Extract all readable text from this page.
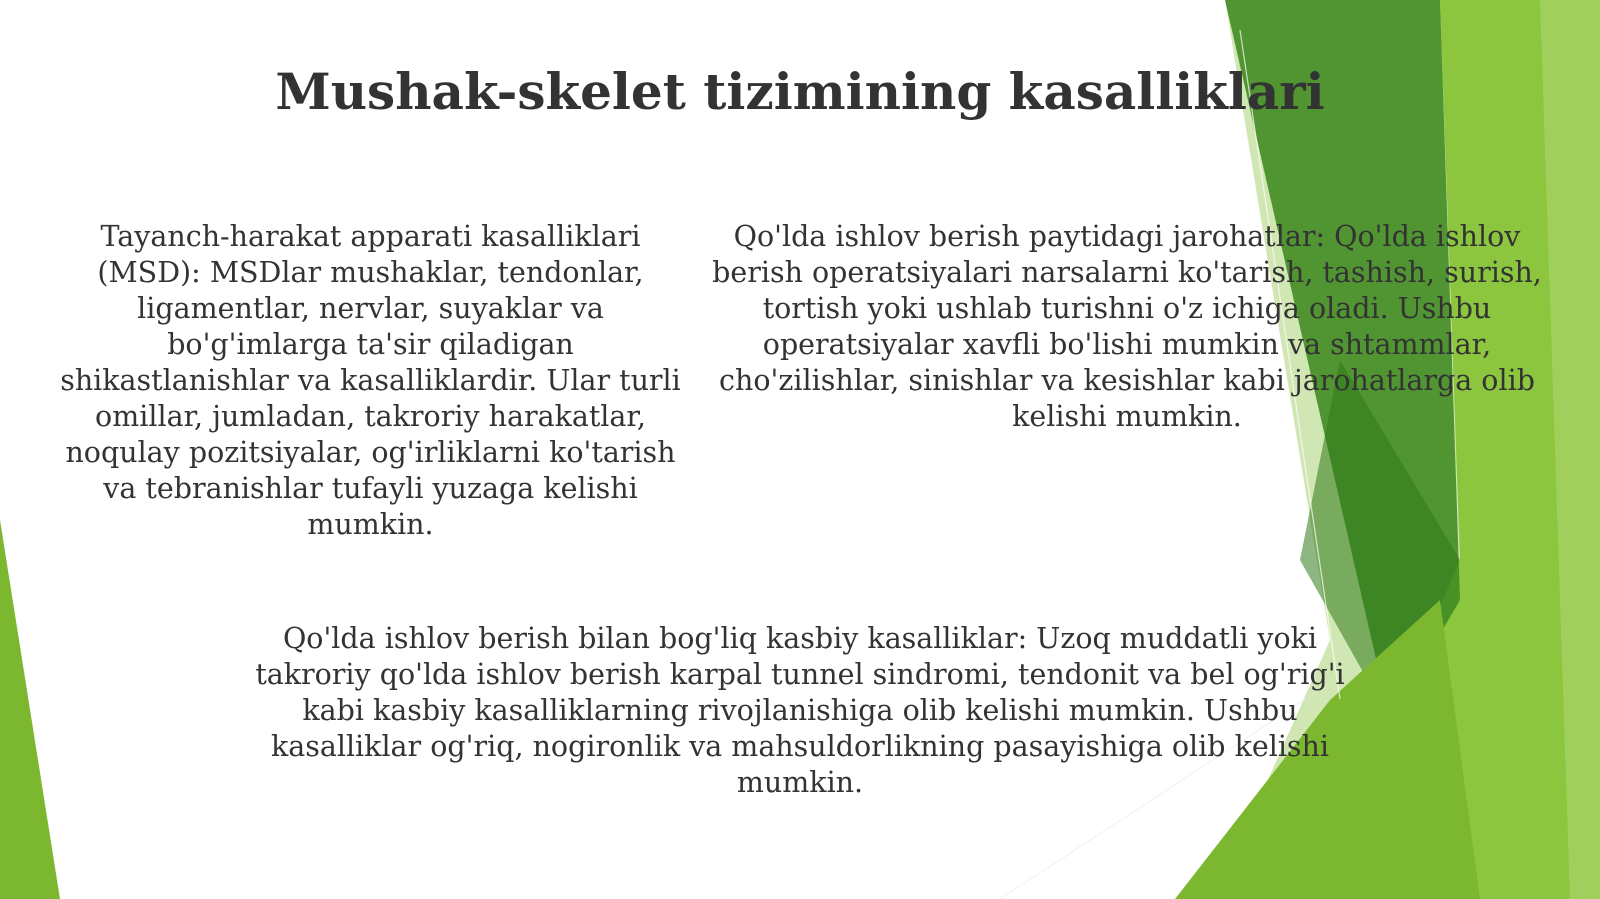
Mushak-skelet tizimining kasalliklari

Tayanch-harakat apparati kasalliklari (MSD): MSDlar mushaklar, tendonlar, ligamentlar, nervlar, suyaklar va bo'g'imlarga ta'sir qiladigan shikastlanishlar va kasalliklardir. Ular turli omillar, jumladan, takroriy harakatlar, noqulay pozitsiyalar, og'irliklarni ko'tarish va tebranishlar tufayli yuzaga kelishi mumkin.

Qo'lda ishlov berish paytidagi jarohatlar: Qo'lda ishlov berish operatsiyalari narsalarni ko'tarish, tashish, surish, tortish yoki ushlab turishni o'z ichiga oladi. Ushbu operatsiyalar xavfli bo'lishi mumkin va shtammlar, cho'zilishlar, sinishlar va kesishlar kabi jarohatlarga olib kelishi mumkin.

Qo'lda ishlov berish bilan bog'liq kasbiy kasalliklar: Uzoq muddatli yoki takroriy qo'lda ishlov berish karpal tunnel sindromi, tendonit va bel og'rig'i kabi kasbiy kasalliklarning rivojlanishiga olib kelishi mumkin. Ushbu kasalliklar og'riq, nogironlik va mahsuldorlikning pasayishiga olib kelishi mumkin.
